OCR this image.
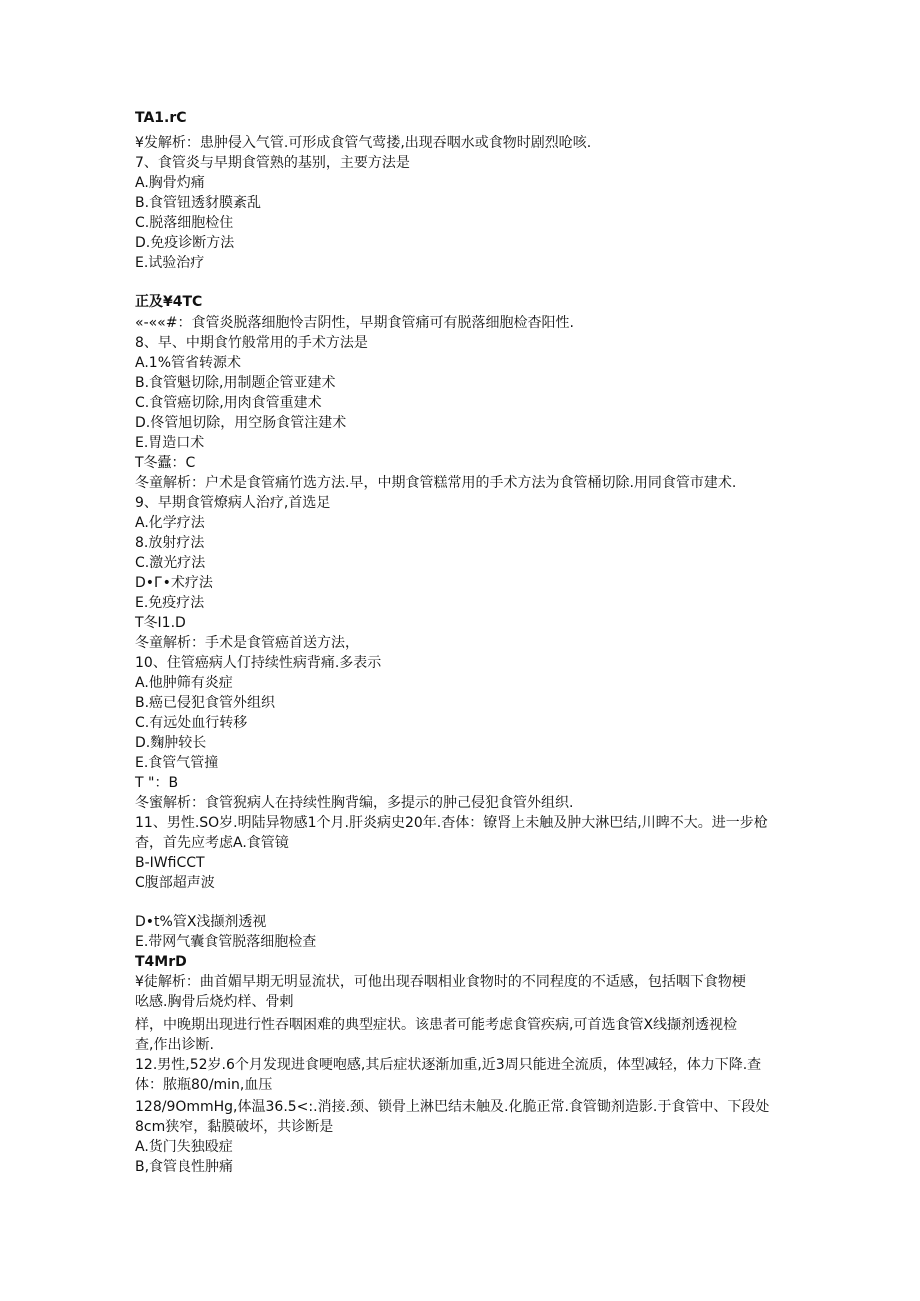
TA1.rC
¥发解析：患肿侵入气管.可形成食管气莺搂,出现吞咽水或食物时剧烈呛咳.
7、食管炎与早期食管熟的基别，主要方法是
A.胸骨灼痛
B.食管钮透豺膜紊乱
C.脱落细胞检住
D.免疫诊断方法
E.试验治疗
正及¥4TC
«-««#：食管炎脱落细胞怜吉阴性，早期食管痛可有脱落细胞检杳阳性.
8、早、中期食竹般常用的手术方法是
A.1%管省转源术
B.食管魁切除,用制题企管亚建术
C.食管癌切除,用肉食管重建术
D.佟管旭切除，用空肠食管注建术
E.胃造口术
T冬蠹：C
冬童解析：户术是食管痛竹选方法.早，中期食管糕常用的手术方法为食管桶切除.用同食管市建术.
9、早期食管燎病人治疗,首选足
A.化学疗法
8.放射疗法
C.激光疗法
D•Г•术疗法
E.免疫疗法
T冬I1.D
冬童解析：手术是食管癌首送方法，
10、住管癌病人仃持续性病背痛.多表示
A.他肿筛有炎症
B.癌已侵犯食管外组织
C.有远处血行转移
D.麴肿较长
E.食管气管撞
T "：B
冬蜜解析：食管猊病人在持续性胸背编，多提示的肿己侵犯食管外组织.
11、男性.SO岁.明陆异物感1个月.肝炎病史20年.杳体：镣肾上未触及肿大淋巴结,川睥不大。进一步枪
杳，首先应考虑A.食管镜
B-IWfiCCT
C腹部超声波
D•t%管X浅撷剂透视
E.带网气囊食管脱落细胞检查
T4MrD
¥徒解析：曲首媚早期无明显流状，可他出现吞咽相业食物时的不同程度的不适感，包括咽下食物梗
吆感.胸骨后烧灼样、骨剌
样，中晚期出现进行性吞咽困难的典型症状。该患者可能考虑食管疾病,可首选食管X线撷剂透视检
查,作出诊断.
12.男性,52岁.6个月发现进食哽咆感,其后症状逐渐加重,近3周只能进全流质，体型减轻，体力下降.查
体：脓瓶80/min,血压
128/9OmmHg,体温36.5<:.消接.颈、锁骨上淋巴结未触及.化脆正常.食管锄剂造影.于食管中、下段处
8cm狭窄，黏膜破坏，共诊断是
A.货门失独殴症
B,食管良性肿痛
